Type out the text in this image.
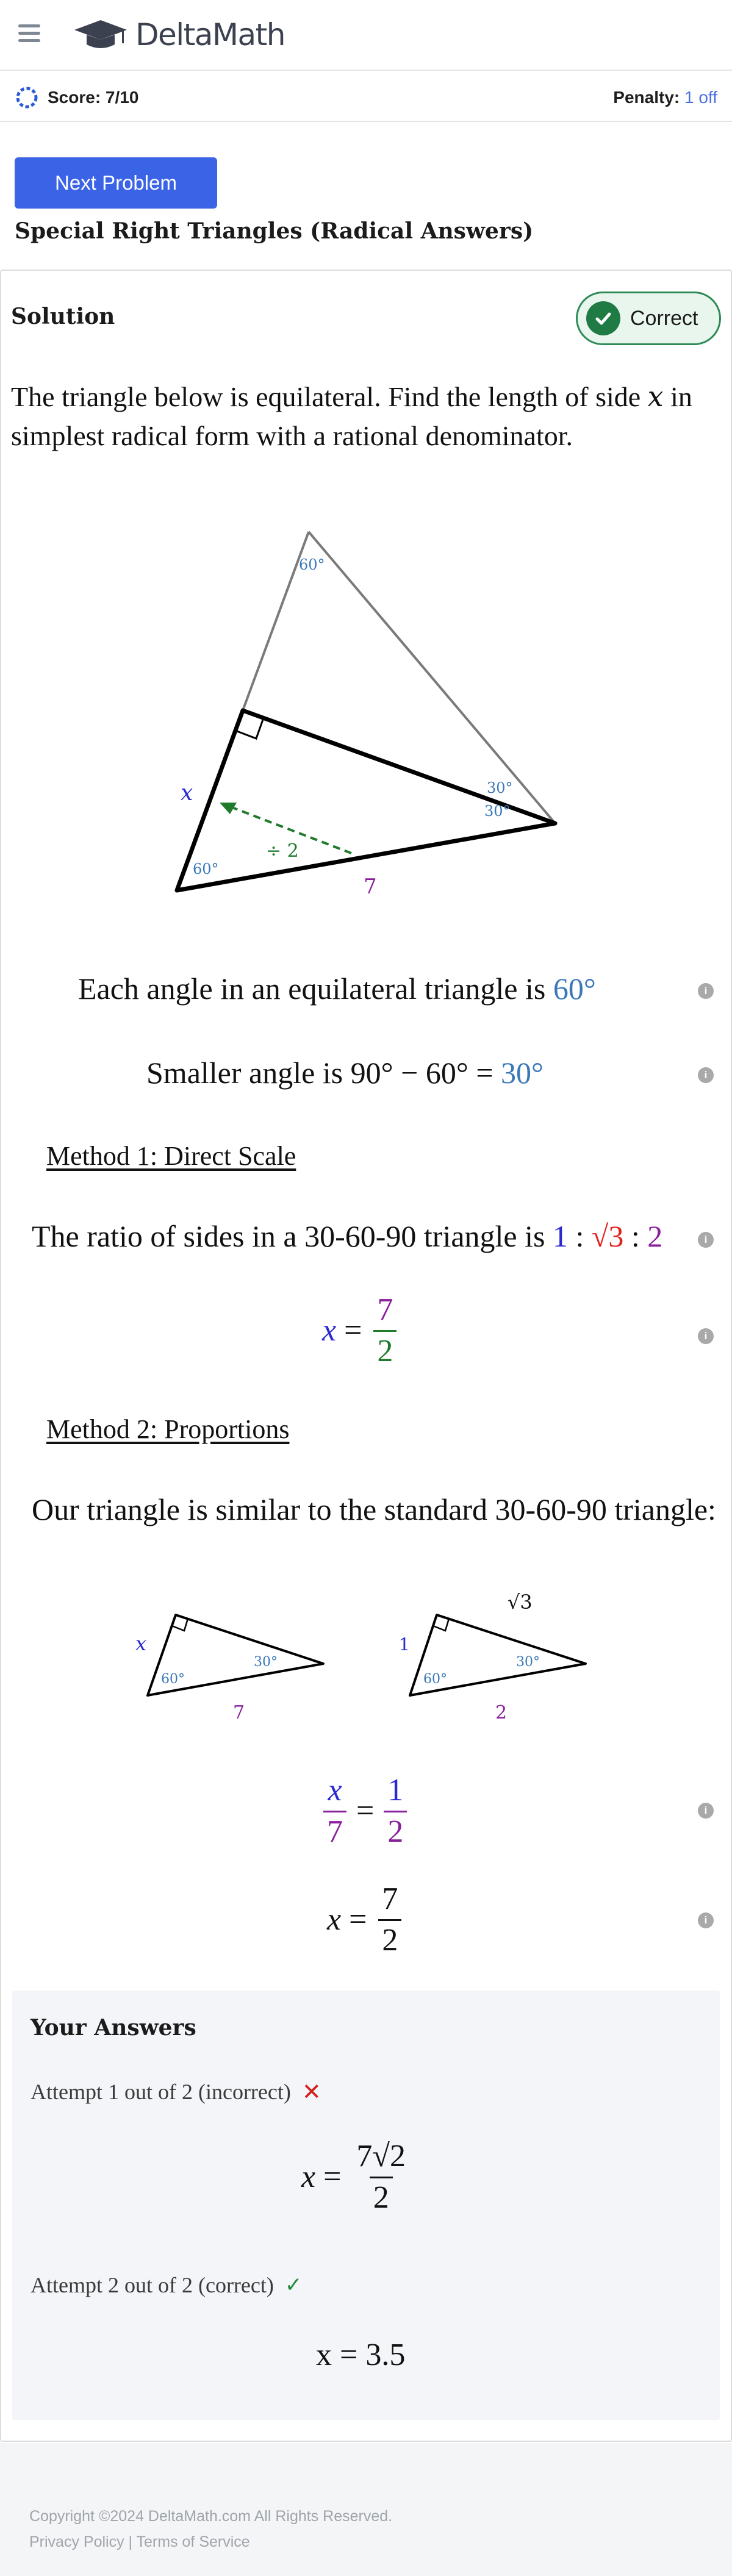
DeltaMath
Score: 7/10	Penalty: 1 off
Next Problem
Special Right Triangles (Radical Answers)
Solution	Correct
The triangle below is equilateral. Find the length of side x in simplest radical form with a rational denominator.
60°
30°
30°
60°
x
÷ 2
7
Each angle in an equilateral triangle is 60°	i
Smaller angle is 90° − 60° = 30°	i
Method 1: Direct Scale
The ratio of sides in a 30-60-90 triangle is 1 : √3 : 2	i
$x = \frac{7}{2}$	i
Method 2: Proportions
Our triangle is similar to the standard 30-60-90 triangle:
x
60°
30°
7
1
60°
30°
2
√3
$\frac{x}{7} = \frac{1}{2}$	i
$x = \frac{7}{2}$	i
Your Answers
Attempt 1 out of 2 (incorrect) ✕
$x = \frac{7√2}{2}$
Attempt 2 out of 2 (correct) ✓
x = 3.5
Copyright ©2024 DeltaMath.com All Rights Reserved.
Privacy Policy | Terms of Service
